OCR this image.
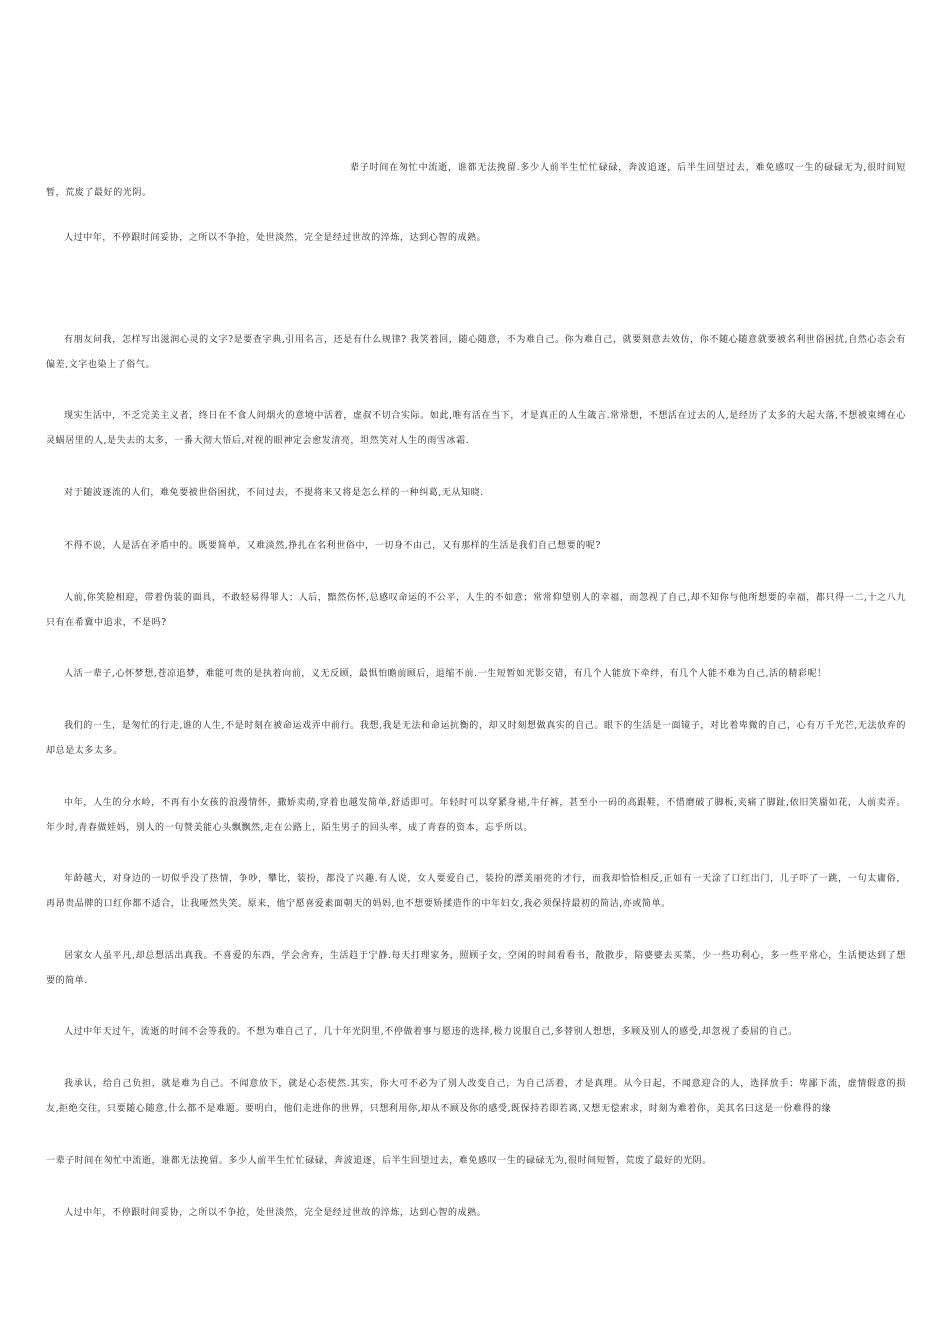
辈子时间在匆忙中流逝，谁都无法挽留.多少人前半生忙忙碌碌，奔波追逐，后半生回望过去，难免感叹一生的碌碌无为,很时间短暂，荒废了最好的光阴。

人过中年，不停跟时间妥协，之所以不争抢，处世淡然，完全是经过世故的淬炼，达到心智的成熟。

有朋友问我，怎样写出滋润心灵的文字?是要查字典,引用名言，还是有什么规律? 我笑着回，随心随意，不为难自己。你为难自己，就要刻意去效仿，你不随心随意就要被名利世俗困扰,自然心态会有偏差,文字也染上了俗气。

现实生活中，不乏完美主义者，终日在不食人间烟火的意境中活着，虚叔不切合实际。如此,唯有活在当下，才是真正的人生箴言.常常想，不想活在过去的人,是经历了太多的大起大落,不想被束缚在心灵蜗居里的人,是失去的太多，一番大彻大悟后,对视的眼神定会愈发清亮，坦然笑对人生的雨雪冰霜.

对于随波逐流的人们，难免要被世俗困扰，不问过去，不提将来又将是怎么样的一种纠葛,无从知晓.

不得不说，人是活在矛盾中的。既要简单，又难淡然,挣扎在名利世俗中，一切身不由己，又有那样的生活是我们自己想要的呢?

人前,你笑脸相迎，带着伪装的面具，不敢轻易得罪人；人后，黯然伤怀,总感叹命运的不公平，人生的不如意；常常仰望别人的幸福，而忽视了自己,却不知你与他所想要的幸福，都只得一二,十之八九只有在希冀中追求，不是吗?

人活一辈子,心怀梦想,苍凉追梦，难能可贵的是执着向前，义无反顾，最惧怕瞻前顾后，退缩不前.一生短暂如光影交错，有几个人能放下牵绊，有几个人能不难为自己,活的精彩呢！

我们的一生，是匆忙的行走,谁的人生,不是时刻在被命运戏弄中前行。我想,我是无法和命运抗衡的，却又时刻想做真实的自己。眼下的生活是一面镜子，对比着卑微的自己，心有万千光芒,无法放弃的却总是太多太多。

中年，人生的分水岭，不再有小女孩的浪漫情怀，撒娇卖萌,穿着也越发简单,舒适即可。年轻时可以穿紧身裙,牛仔裤，甚至小一码的高跟鞋，不惜磨破了脚板,夹痛了脚趾,依旧笑靥如花，人前卖弄。年少时,青春做娃妈，别人的一句赞美能心头飘飘然,走在公路上，陌生男子的回头率，成了青春的资本，忘乎所以。

年龄越大，对身边的一切似乎没了热情，争吵，攀比，装扮，都没了兴趣.有人说，女人要爱自己，装扮的漂美丽亮的才行，而我却恰恰相反,正如有一天涂了口红出门，儿子吓了一跳，一句太庸俗，再昂贵品牌的口红你都不适合，让我哑然失笑。原来，他宁愿喜爱素面朝天的妈妈,也不想要矫揉造作的中年妇女,我必须保持最初的简洁,亦或简单。

居家女人虽平凡,却总想活出真我。不喜爱的东西，学会舍弃，生活趋于宁静.每天打理家务，照顾子女，空闲的时间看看书，散散步，陪婆婆去买菜，少一些功利心，多一些平常心，生活便达到了想要的简单.

人过中年天过午，流逝的时间不会等我的。不想为难自己了，几十年光阴里,不停做着事与愿违的选择,极力说服自己,多替别人想想，多顾及别人的感受,却忽视了委屈的自己。

我承认，给自己负担，就是难为自己。不闻意放下，就是心态使然.其实，你大可不必为了别人改变自己，为自己活着，才是真理。从今日起，不闻意迎合的人，选择放手；卑鄙下流，虚情假意的损友,拒绝交往，只要随心随意,什么都不是难题。要明白，他们走进你的世界，只想利用你,却从不顾及你的感受,既保持若即若离,又想无偿索求，时刻为难着你，美其名曰这是一份难得的缘

一辈子时间在匆忙中流逝，谁都无法挽留。多少人前半生忙忙碌碌，奔波追逐，后半生回望过去，难免感叹一生的碌碌无为,很时间短暂，荒废了最好的光阴。

人过中年，不停跟时间妥协，之所以不争抢，处世淡然，完全是经过世故的淬炼，达到心智的成熟。
